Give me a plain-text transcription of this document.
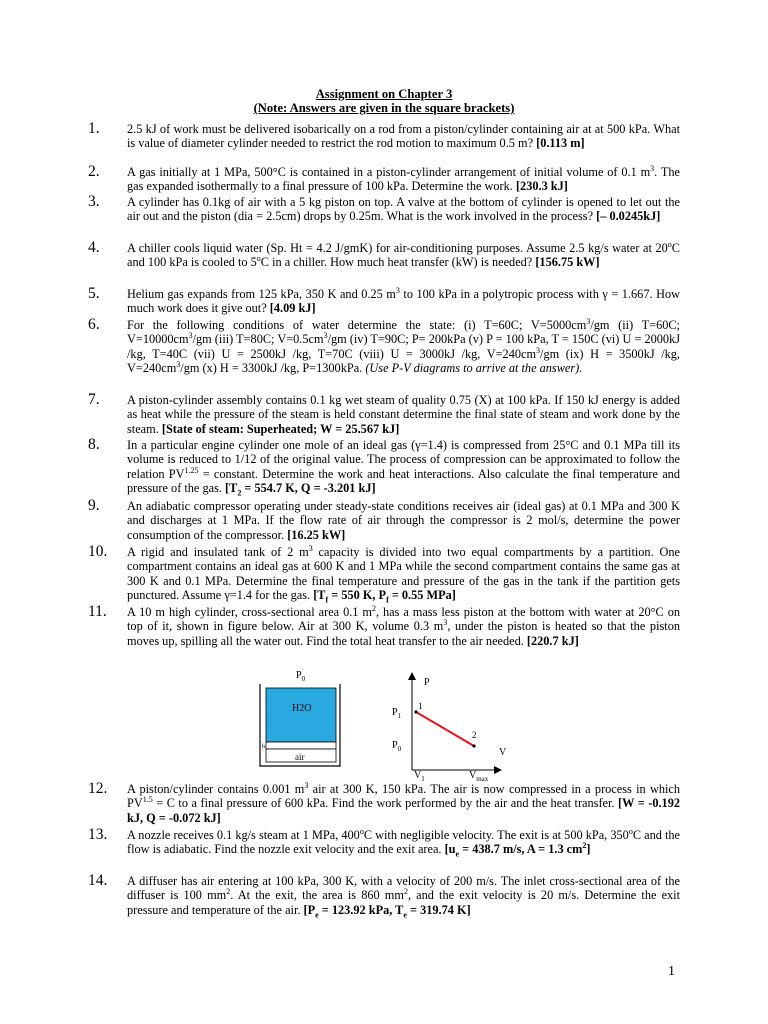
Assignment on Chapter 3
(Note: Answers are given in the square brackets)
1.	2.5 kJ of work must be delivered isobarically on a rod from a piston/cylinder containing air at at 500 kPa. What is value of diameter cylinder needed to restrict the rod motion to maximum 0.5 m? [0.113 m]
2.	A gas initially at 1 MPa, 500°C is contained in a piston-cylinder arrangement of initial volume of 0.1 $m^3$. The gas expanded isothermally to a final pressure of 100 kPa. Determine the work. [230.3 kJ]
3.	A cylinder has 0.1kg of air with a 5 kg piston on top. A valve at the bottom of cylinder is opened to let out the air out and the piston (dia = 2.5cm) drops by 0.25m. What is the work involved in the process? [– 0.0245kJ]
4.	A chiller cools liquid water (Sp. Ht = 4.2 J/gmK) for air-conditioning purposes. Assume 2.5 kg/s water at 20$^o$C and 100 kPa is cooled to 5$^o$C in a chiller. How much heat transfer (kW) is needed? [156.75 kW]
5.	Helium gas expands from 125 kPa, 350 K and 0.25 $m^3$ to 100 kPa in a polytropic process with γ = 1.667. How much work does it give out? [4.09 kJ]
6.	For the following conditions of water determine the state: (i) T=60C; $V=5000cm^3/gm$ (ii) T=60C; $V=10000cm^3/gm$ (iii) T=80C; $V=0.5cm^3/gm$ (iv) T=90C; P= 200kPa (v) P = 100 kPa, T = 150C (vi) U = 2000kJ /kg, T=40C (vii) U = 2500kJ /kg, T=70C (viii) U = 3000kJ /kg, $V=240cm^3/gm$ (ix) H = 3500kJ /kg, $V=240cm^3/gm$ (x) H = 3300kJ /kg, P=1300kPa. (Use P-V diagrams to arrive at the answer).
7.	A piston-cylinder assembly contains 0.1 kg wet steam of quality 0.75 (X) at 100 kPa. If 150 kJ energy is added as heat while the pressure of the steam is held constant determine the final state of steam and work done by the steam. [State of steam: Superheated; W = 25.567 kJ]
8.	In a particular engine cylinder one mole of an ideal gas (γ=1.4) is compressed from 25°C and 0.1 MPa till its volume is reduced to 1/12 of the original value. The process of compression can be approximated to follow the relation $PV^{1.25}$ = constant. Determine the work and heat interactions. Also calculate the final temperature and pressure of the gas. [$T_2 = 554.7$ K, Q = -3.201 kJ]
9.	An adiabatic compressor operating under steady-state conditions receives air (ideal gas) at 0.1 MPa and 300 K and discharges at 1 MPa. If the flow rate of air through the compressor is 2 mol/s, determine the power consumption of the compressor. [16.25 kW]
10.	A rigid and insulated tank of 2 $m^3$ capacity is divided into two equal compartments by a partition. One compartment contains an ideal gas at 600 K and 1 MPa while the second compartment contains the same gas at 300 K and 0.1 MPa. Determine the final temperature and pressure of the gas in the tank if the partition gets punctured. Assume γ=1.4 for the gas. [$T_f = 550$ K, $P_f = 0.55$ MPa]
11.	A 10 m high cylinder, cross-sectional area 0.1 $m^2$, has a mass less piston at the bottom with water at 20°C on top of it, shown in figure below. Air at 300 K, volume 0.3 $m^3$, under the piston is heated so that the piston moves up, spilling all the water out. Find the total heat transfer to the air needed. [220.7 kJ]
$P_0$
H2O
h
air
P
V
$P_1$
$P_0$
$V_1$	$V_{max}$
1
2
12.	A piston/cylinder contains 0.001 $m^3$ air at 300 K, 150 kPa. The air is now compressed in a process in which $PV^{1.5} = C$ to a final pressure of 600 kPa. Find the work performed by the air and the heat transfer. [W = -0.192 kJ, Q = -0.072 kJ]
13.	A nozzle receives 0.1 kg/s steam at 1 MPa, 400$^o$C with negligible velocity. The exit is at 500 kPa, 350$^o$C and the flow is adiabatic. Find the nozzle exit velocity and the exit area. [$u_e = 438.7$ m/s, A = 1.3 $cm^2$]
14.	A diffuser has air entering at 100 kPa, 300 K, with a velocity of 200 m/s. The inlet cross-sectional area of the diffuser is 100 $mm^2$. At the exit, the area is 860 $mm^2$, and the exit velocity is 20 m/s. Determine the exit pressure and temperature of the air. [$P_e = 123.92$ kPa, $T_e = 319.74$ K]
1
